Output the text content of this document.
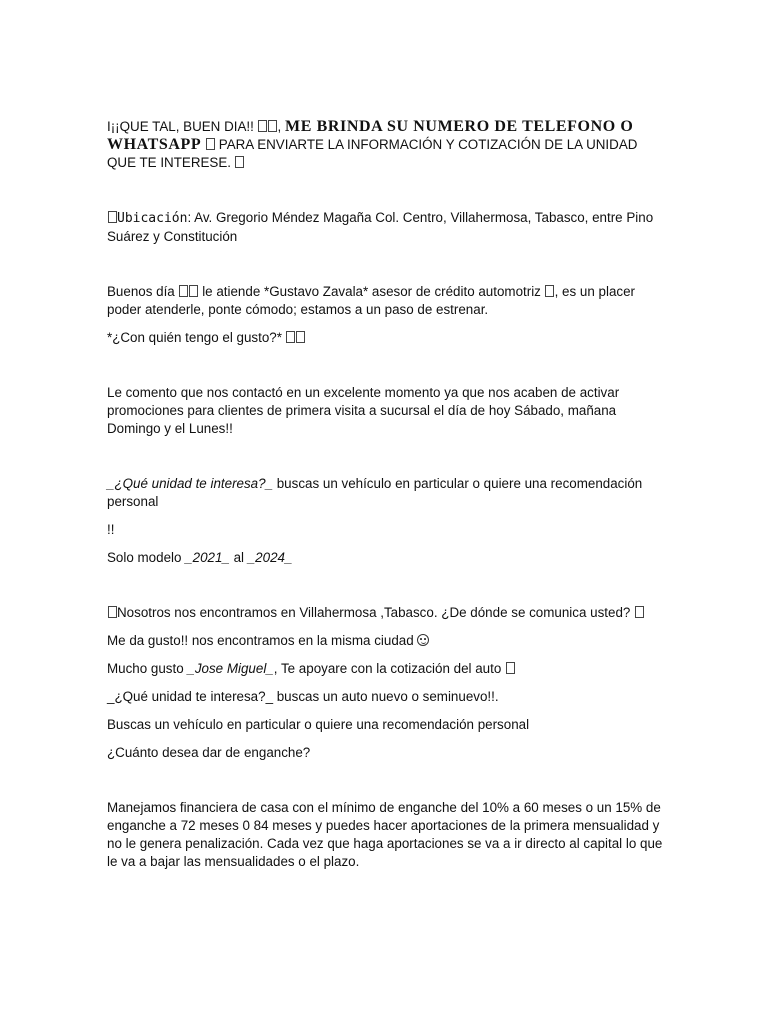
I¡¡QUE TAL, BUEN DIA!! , ME BRINDA SU NUMERO DE TELEFONO O WHATSAPP  PARA ENVIARTE LA INFORMACIÓN Y COTIZACIÓN DE LA UNIDAD QUE TE INTERESE.

Ubicación: Av. Gregorio Méndez Magaña Col. Centro, Villahermosa, Tabasco, entre Pino Suárez y Constitución

Buenos día  le atiende *Gustavo Zavala* asesor de crédito automotriz , es un placer poder atenderle, ponte cómodo; estamos a un paso de estrenar.

*¿Con quién tengo el gusto?*

Le comento que nos contactó en un excelente momento ya que nos acaben de activar promociones para clientes de primera visita a sucursal el día de hoy Sábado, mañana Domingo y el Lunes!!

_¿Qué unidad te interesa?_ buscas un vehículo en particular o quiere una recomendación personal

!!

Solo modelo _2021_ al _2024_

Nosotros nos encontramos en Villahermosa ,Tabasco. ¿De dónde se comunica usted?

Me da gusto!! nos encontramos en la misma ciudad

Mucho gusto _Jose Miguel_, Te apoyare con la cotización del auto

_¿Qué unidad te interesa?_ buscas un auto nuevo o seminuevo!!.

Buscas un vehículo en particular o quiere una recomendación personal

¿Cuánto desea dar de enganche?

Manejamos financiera de casa con el mínimo de enganche del 10% a 60 meses o un 15% de enganche a 72 meses 0 84 meses y puedes hacer aportaciones de la primera mensualidad y no le genera penalización. Cada vez que haga aportaciones se va a ir directo al capital lo que le va a bajar las mensualidades o el plazo.
